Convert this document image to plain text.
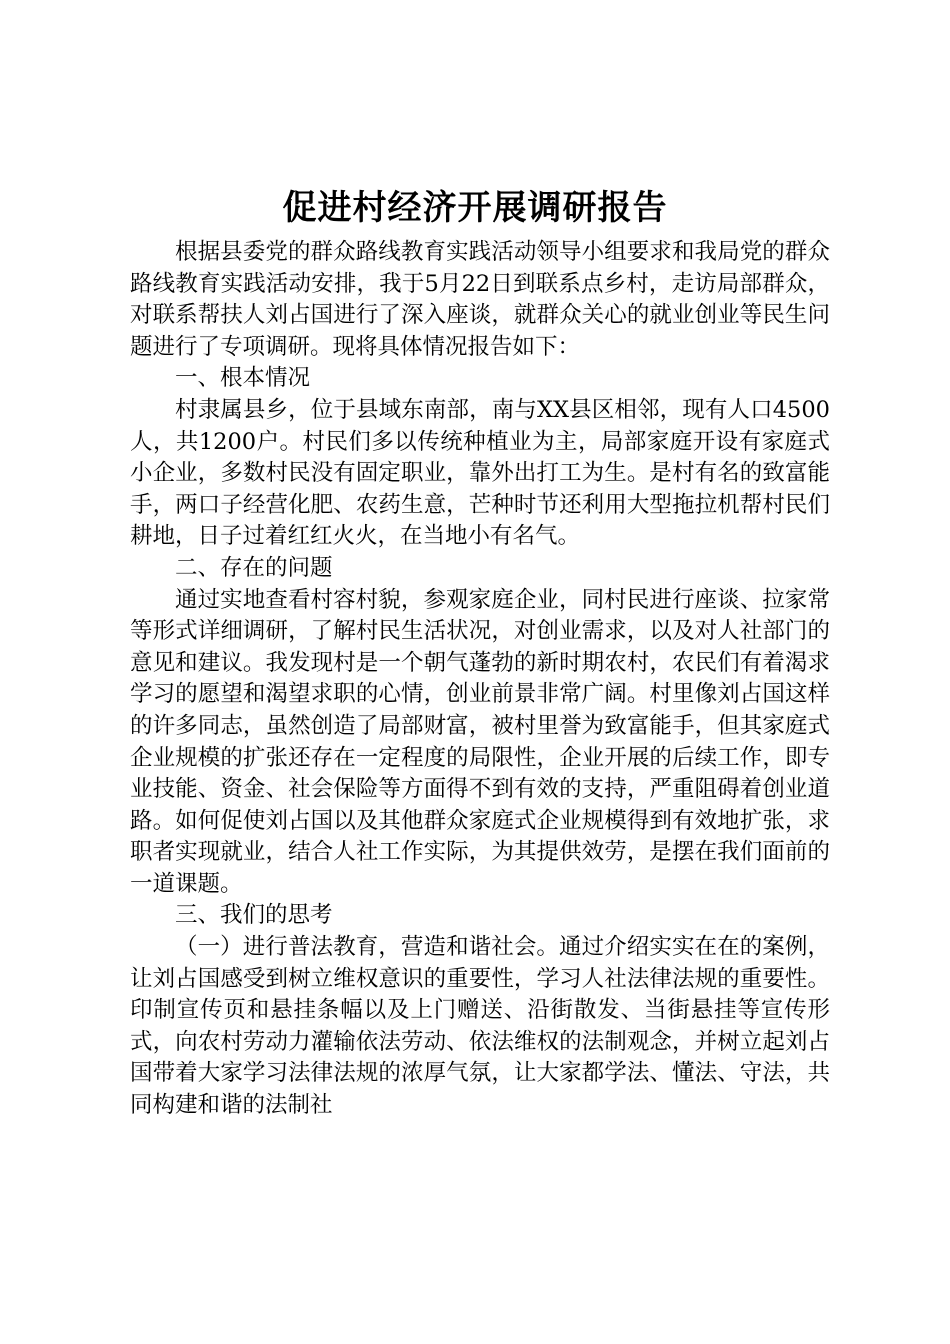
促进村经济开展调研报告

根据县委党的群众路线教育实践活动领导小组要求和我局党的群众路线教育实践活动安排，我于5月22日到联系点乡村，走访局部群众，对联系帮扶人刘占国进行了深入座谈，就群众关心的就业创业等民生问题进行了专项调研。现将具体情况报告如下：

一、根本情况

村隶属县乡，位于县域东南部，南与XX县区相邻，现有人口4500人，共1200户。村民们多以传统种植业为主，局部家庭开设有家庭式小企业，多数村民没有固定职业，靠外出打工为生。是村有名的致富能手，两口子经营化肥、农药生意，芒种时节还利用大型拖拉机帮村民们耕地，日子过着红红火火，在当地小有名气。

二、存在的问题

通过实地查看村容村貌，参观家庭企业，同村民进行座谈、拉家常等形式详细调研，了解村民生活状况，对创业需求，以及对人社部门的意见和建议。我发现村是一个朝气蓬勃的新时期农村，农民们有着渴求学习的愿望和渴望求职的心情，创业前景非常广阔。村里像刘占国这样的许多同志，虽然创造了局部财富，被村里誉为致富能手，但其家庭式企业规模的扩张还存在一定程度的局限性，企业开展的后续工作，即专业技能、资金、社会保险等方面得不到有效的支持，严重阻碍着创业道路。如何促使刘占国以及其他群众家庭式企业规模得到有效地扩张，求职者实现就业，结合人社工作实际，为其提供效劳，是摆在我们面前的一道课题。

三、我们的思考

（一）进行普法教育，营造和谐社会。通过介绍实实在在的案例，让刘占国感受到树立维权意识的重要性，学习人社法律法规的重要性。印制宣传页和悬挂条幅以及上门赠送、沿街散发、当街悬挂等宣传形式，向农村劳动力灌输依法劳动、依法维权的法制观念，并树立起刘占国带着大家学习法律法规的浓厚气氛，让大家都学法、懂法、守法，共同构建和谐的法制社
